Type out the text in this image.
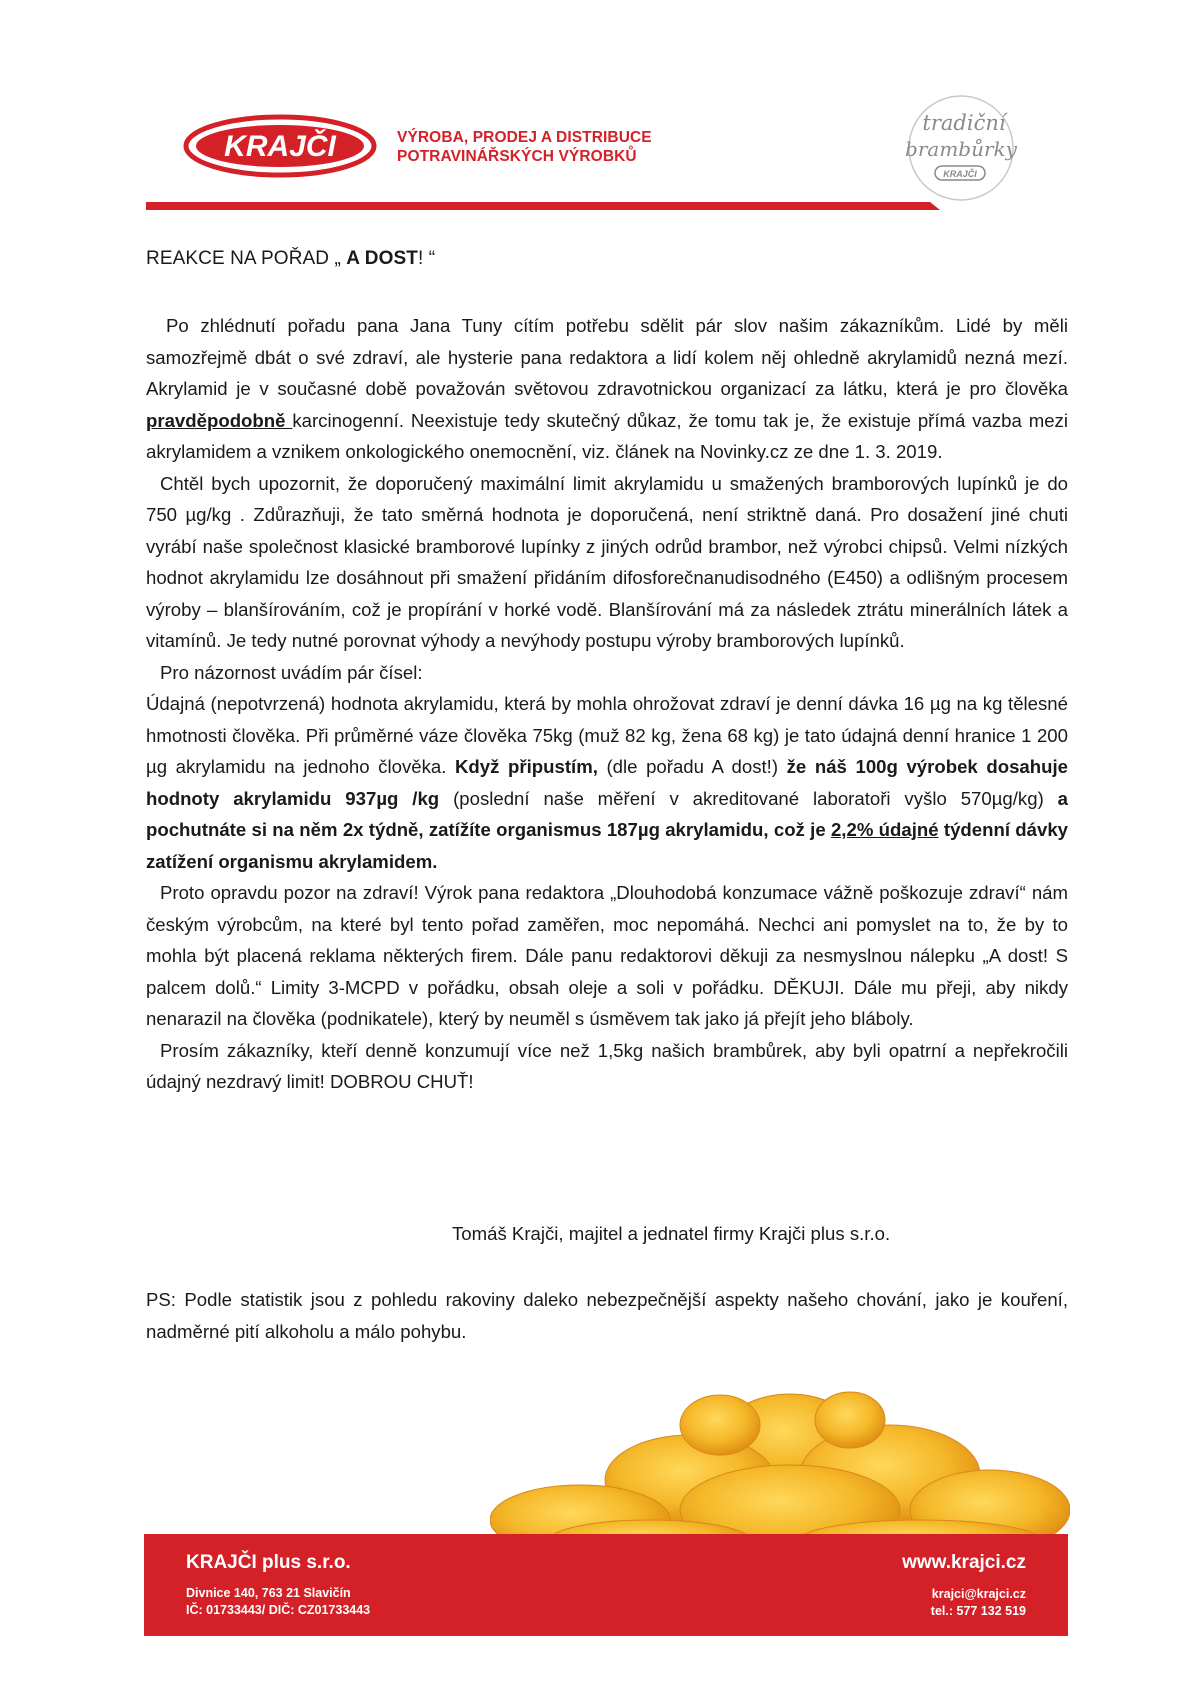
KRAJČI	VÝROBA, PRODEJ A DISTRIBUCE
POTRAVINÁŘSKÝCH VÝROBKŮ
tradiční
brambůrky
KRAJČI
REAKCE NA POŘAD „ A DOST! “

Po zhlédnutí pořadu pana Jana Tuny cítím potřebu sdělit pár slov našim zákazníkům. Lidé by měli samozřejmě dbát o své zdraví, ale hysterie pana redaktora a lidí kolem něj ohledně akrylamidů nezná mezí. Akrylamid je v současné době považován světovou zdravotnickou organizací za látku, která je pro člověka pravděpodobně karcinogenní. Neexistuje tedy skutečný důkaz, že tomu tak je, že existuje přímá vazba mezi akrylamidem a vznikem onkologického onemocnění, viz. článek na Novinky.cz ze dne 1. 3. 2019.

Chtěl bych upozornit, že doporučený maximální limit akrylamidu u smažených bramborových lupínků je do 750 µg/kg . Zdůrazňuji, že tato směrná hodnota je doporučená, není striktně daná. Pro dosažení jiné chuti vyrábí naše společnost klasické bramborové lupínky z jiných odrůd brambor, než výrobci chipsů. Velmi nízkých hodnot akrylamidu lze dosáhnout při smažení přidáním difosforečnanudisodného (E450) a odlišným procesem výroby – blanšírováním, což je propírání v horké vodě. Blanšírování má za následek ztrátu minerálních látek a vitamínů. Je tedy nutné porovnat výhody a nevýhody postupu výroby bramborových lupínků.

Pro názornost uvádím pár čísel:

Údajná (nepotvrzená) hodnota akrylamidu, která by mohla ohrožovat zdraví je denní dávka 16 µg na kg tělesné hmotnosti člověka. Při průměrné váze člověka 75kg (muž 82 kg, žena 68 kg) je tato údajná denní hranice 1 200 µg akrylamidu na jednoho člověka. Když připustím, (dle pořadu A dost!) že náš 100g výrobek dosahuje hodnoty akrylamidu 937µg /kg (poslední naše měření v akreditované laboratoři vyšlo 570µg/kg) a pochutnáte si na něm 2x týdně, zatížíte organismus 187µg akrylamidu, což je 2,2% údajné týdenní dávky zatížení organismu akrylamidem.

Proto opravdu pozor na zdraví! Výrok pana redaktora „Dlouhodobá konzumace vážně poškozuje zdraví“ nám českým výrobcům, na které byl tento pořad zaměřen, moc nepomáhá. Nechci ani pomyslet na to, že by to mohla být placená reklama některých firem. Dále panu redaktorovi děkuji za nesmyslnou nálepku „A dost! S palcem dolů.“ Limity 3-MCPD v pořádku, obsah oleje a soli v pořádku. DĚKUJI. Dále mu přeji, aby nikdy nenarazil na člověka (podnikatele), který by neuměl s úsměvem tak jako já přejít jeho bláboly.

Prosím zákazníky, kteří denně konzumují více než 1,5kg našich brambůrek, aby byli opatrní a nepřekročili údajný nezdravý limit! DOBROU CHUŤ!

Tomáš Krajči, majitel a jednatel firmy Krajči plus s.r.o.
PS: Podle statistik jsou z pohledu rakoviny daleko nebezpečnější aspekty našeho chování, jako je kouření, nadměrné pití alkoholu a málo pohybu.
KRAJČI plus s.r.o.
Divnice 140, 763 21 Slavičín
IČ: 01733443/ DIČ: CZ01733443
www.krajci.cz
krajci@krajci.cz
tel.: 577 132 519
